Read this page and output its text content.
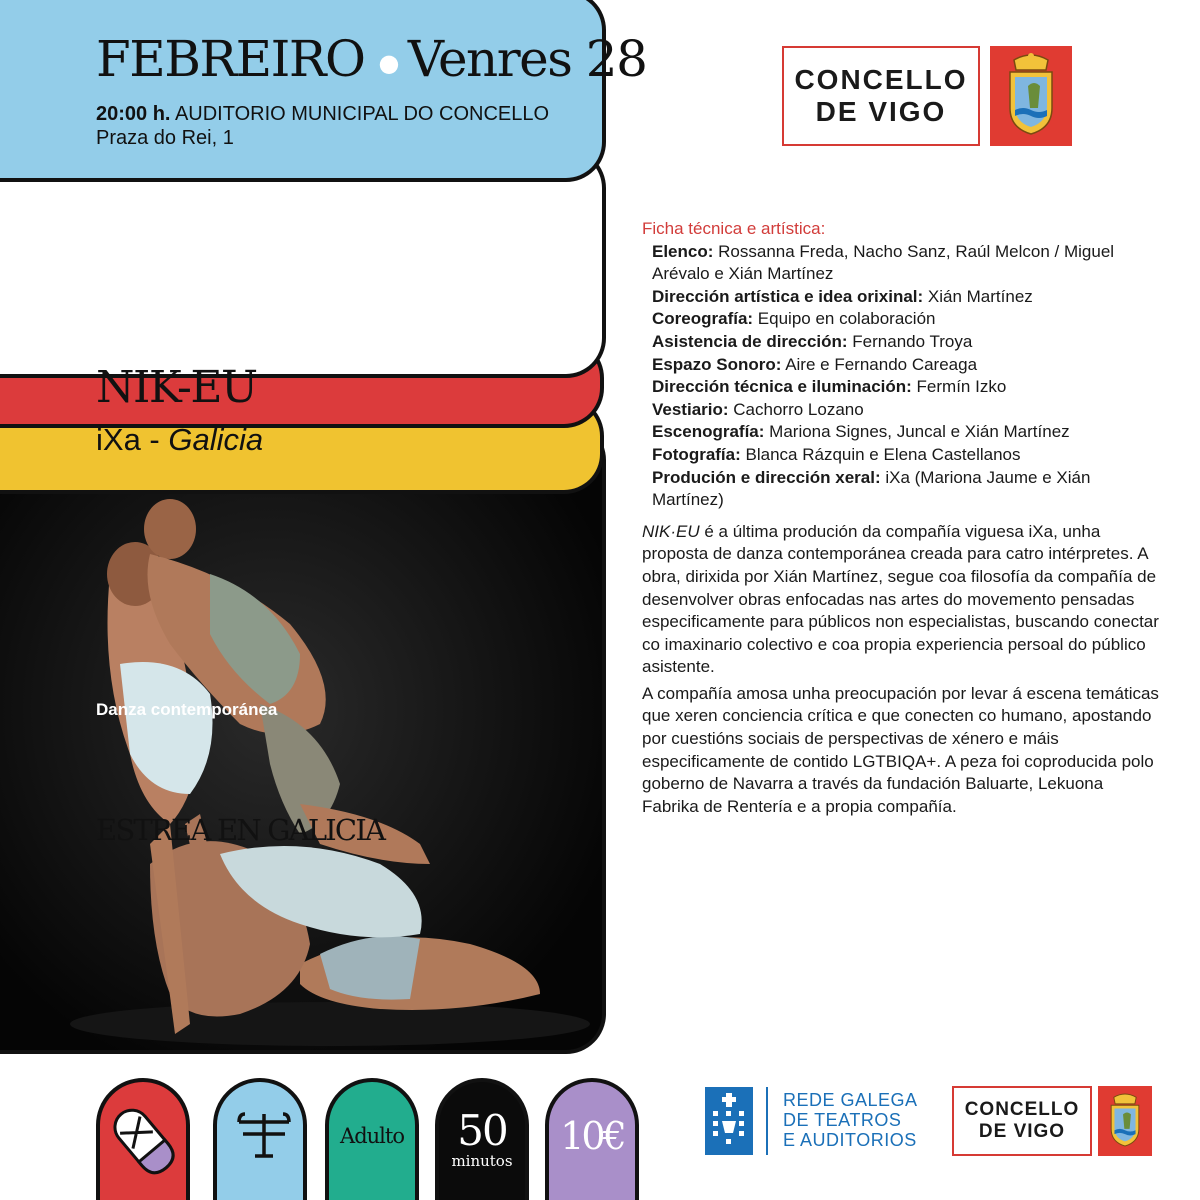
ESTREA EN GALICIA
Danza contemporánea
NIK-EU
iXa - Galicia
FEBREIRO ● Venres 28
20:00 h. AUDITORIO MUNICIPAL DO CONCELLO
Praza do Rei, 1
CONCELLO
DE VIGO
Ficha técnica e artística:
Elenco: Rossanna Freda, Nacho Sanz, Raúl Melcon / Miguel Arévalo e Xián Martínez
Dirección artística e idea orixinal: Xián Martínez
Coreografía: Equipo en colaboración
Asistencia de dirección: Fernando Troya
Espazo Sonoro: Aire e Fernando Careaga
Dirección técnica e iluminación: Fermín Izko
Vestiario: Cachorro Lozano
Escenografía: Mariona Signes, Juncal e Xián Martínez
Fotografía: Blanca Rázquin e Elena Castellanos
Produción e dirección xeral: iXa (Mariona Jaume e Xián Martínez)

NIK·EU é a última produción da compañía viguesa iXa, unha proposta de danza contemporánea creada para catro intérpretes. A obra, dirixida por Xián Martínez, segue coa filosofía da compañía de desenvolver obras enfocadas nas artes do movemento pensadas especificamente para públicos non especialistas, buscando conectar co imaxinario colectivo e coa propia experiencia persoal do público asistente.

A compañía amosa unha preocupación por levar á escena temáticas que xeren conciencia crítica e que conecten co humano, apostando por cuestións sociais de perspectivas de xénero e máis especificamente de contido LGTBIQA+. A peza foi coproducida polo goberno de Navarra a través da fundación Baluarte, Lekuona Fabrika de Rentería e a propia compañía.

Adulto	50
minutos
10€
REDE GALEGA
DE TEATROS
E AUDITORIOS
CONCELLO
DE VIGO
